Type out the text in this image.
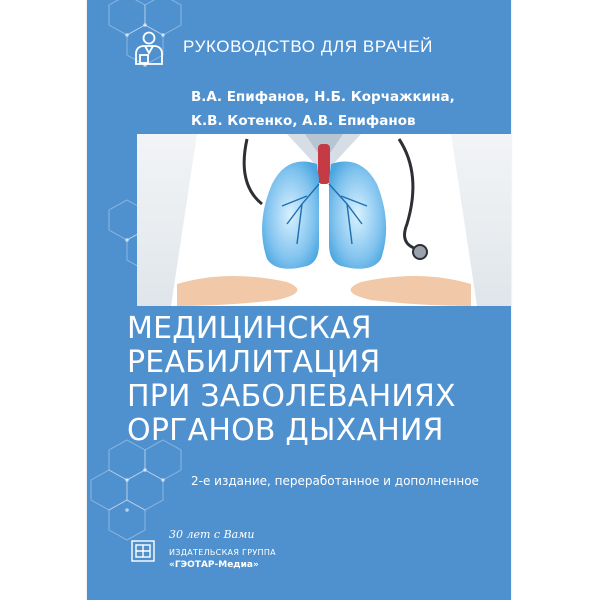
РУКОВОДСТВО ДЛЯ ВРАЧЕЙ
В.А. Епифанов, Н.Б. Корчажкина,
К.В. Котенко, А.В. Епифанов
МЕДИЦИНСКАЯ
РЕАБИЛИТАЦИЯ
ПРИ ЗАБОЛЕВАНИЯХ
ОРГАНОВ ДЫХАНИЯ
2-е издание, переработанное и дополненное
30 лет с Вами
ИЗДАТЕЛЬСКАЯ ГРУППА
«ГЭОТАР-Медиа»
